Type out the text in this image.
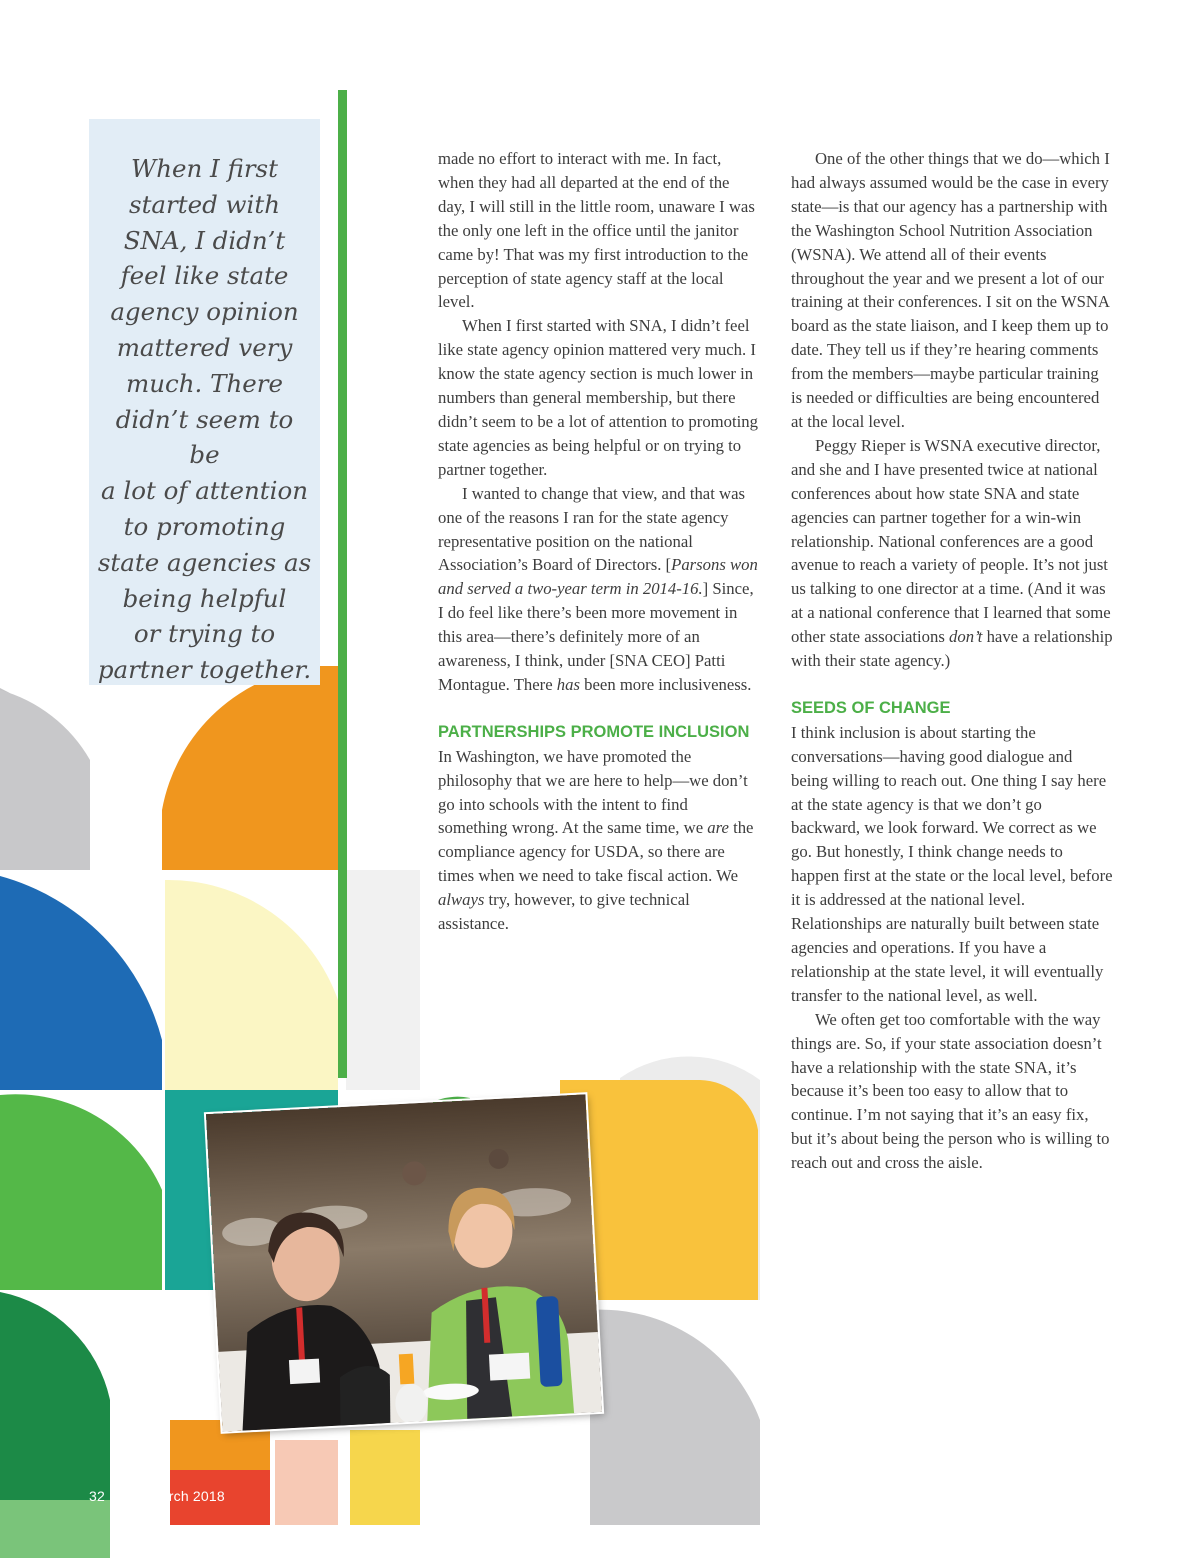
When I first

started with

SNA, I didn’t

feel like state

agency opinion

mattered very

much. There

didn’t seem to be

a lot of attention

to promoting

state agencies as

being helpful

or trying to

partner together.

made no effort to interact with me. In fact, when they had all departed at the end of the day, I will still in the little room, unaware I was the only one left in the office until the janitor came by! That was my first introduction to the perception of state agency staff at the local level.

When I first started with SNA, I didn’t feel like state agency opinion mattered very much. I know the state agency section is much lower in numbers than general membership, but there didn’t seem to be a lot of attention to promoting state agencies as being helpful or on trying to partner together.

I wanted to change that view, and that was one of the reasons I ran for the state agency representative position on the national Association’s Board of Directors. [Parsons won and served a two-year term in 2014-16.] Since, I do feel like there’s been more movement in this area—there’s definitely more of an awareness, I think, under [SNA CEO] Patti Montague. There has been more inclusiveness.

PARTNERSHIPS PROMOTE INCLUSION

In Washington, we have promoted the philosophy that we are here to help—we don’t go into schools with the intent to find something wrong. At the same time, we are the compliance agency for USDA, so there are times when we need to take fiscal action. We always try, however, to give technical assistance.

One of the other things that we do—which I had always assumed would be the case in every state—is that our agency has a partnership with the Washington School Nutrition Association (WSNA). We attend all of their events throughout the year and we present a lot of our training at their conferences. I sit on the WSNA board as the state liaison, and I keep them up to date. They tell us if they’re hearing comments from the members—maybe particular training is needed or difficulties are being encountered at the local level.

Peggy Rieper is WSNA executive director, and she and I have presented twice at national conferences about how state SNA and state agencies can partner together for a win-win relationship. National conferences are a good avenue to reach a variety of people. It’s not just us talking to one director at a time. (And it was at a national conference that I learned that some other state associations don’t have a relationship with their state agency.)

SEEDS OF CHANGE

I think inclusion is about starting the conversations—having good dialogue and being willing to reach out. One thing I say here at the state agency is that we don’t go backward, we look forward. We correct as we go. But honestly, I think change needs to happen first at the state or the local level, before it is addressed at the national level. Relationships are naturally built between state agencies and operations. If you have a relationship at the state level, it will eventually transfer to the national level, as well.

We often get too comfortable with the way things are. So, if your state association doesn’t have a relationship with the state SNA, it’s because it’s been too easy to allow that to continue. I’m not saying that it’s an easy fix, but it’s about being the person who is willing to reach out and cross the aisle.

32 | SN | March 2018
